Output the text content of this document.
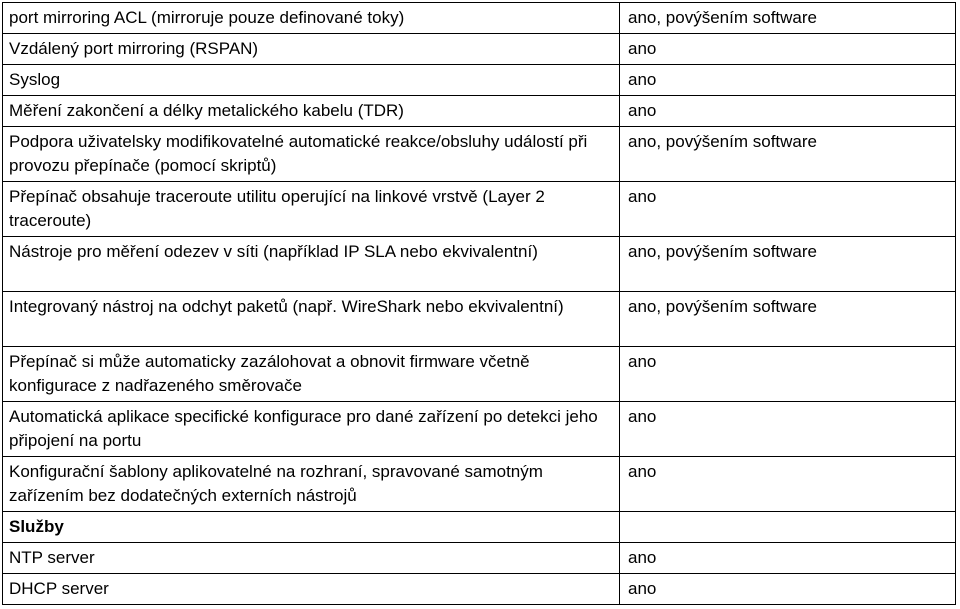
port mirroring ACL (mirroruje pouze definované toky)	ano, povýšením software
Vzdálený port mirroring (RSPAN)	ano
Syslog	ano
Měření zakončení a délky metalického kabelu (TDR)	ano
Podpora uživatelsky modifikovatelné automatické reakce/obsluhy událostí při provozu přepínače (pomocí skriptů)	ano, povýšením software
Přepínač obsahuje traceroute utilitu operující na linkové vrstvě (Layer 2 traceroute)	ano
Nástroje pro měření odezev v síti (například IP SLA nebo ekvivalentní)	ano, povýšením software
Integrovaný nástroj na odchyt paketů (např. WireShark nebo ekvivalentní)	ano, povýšením software
Přepínač si může automaticky zazálohovat a obnovit firmware včetně konfigurace z nadřazeného směrovače	ano
Automatická aplikace specifické konfigurace pro dané zařízení po detekci jeho připojení na portu	ano
Konfigurační šablony aplikovatelné na rozhraní, spravované samotným zařízením bez dodatečných externích nástrojů	ano
Služby	
NTP server	ano
DHCP server	ano
